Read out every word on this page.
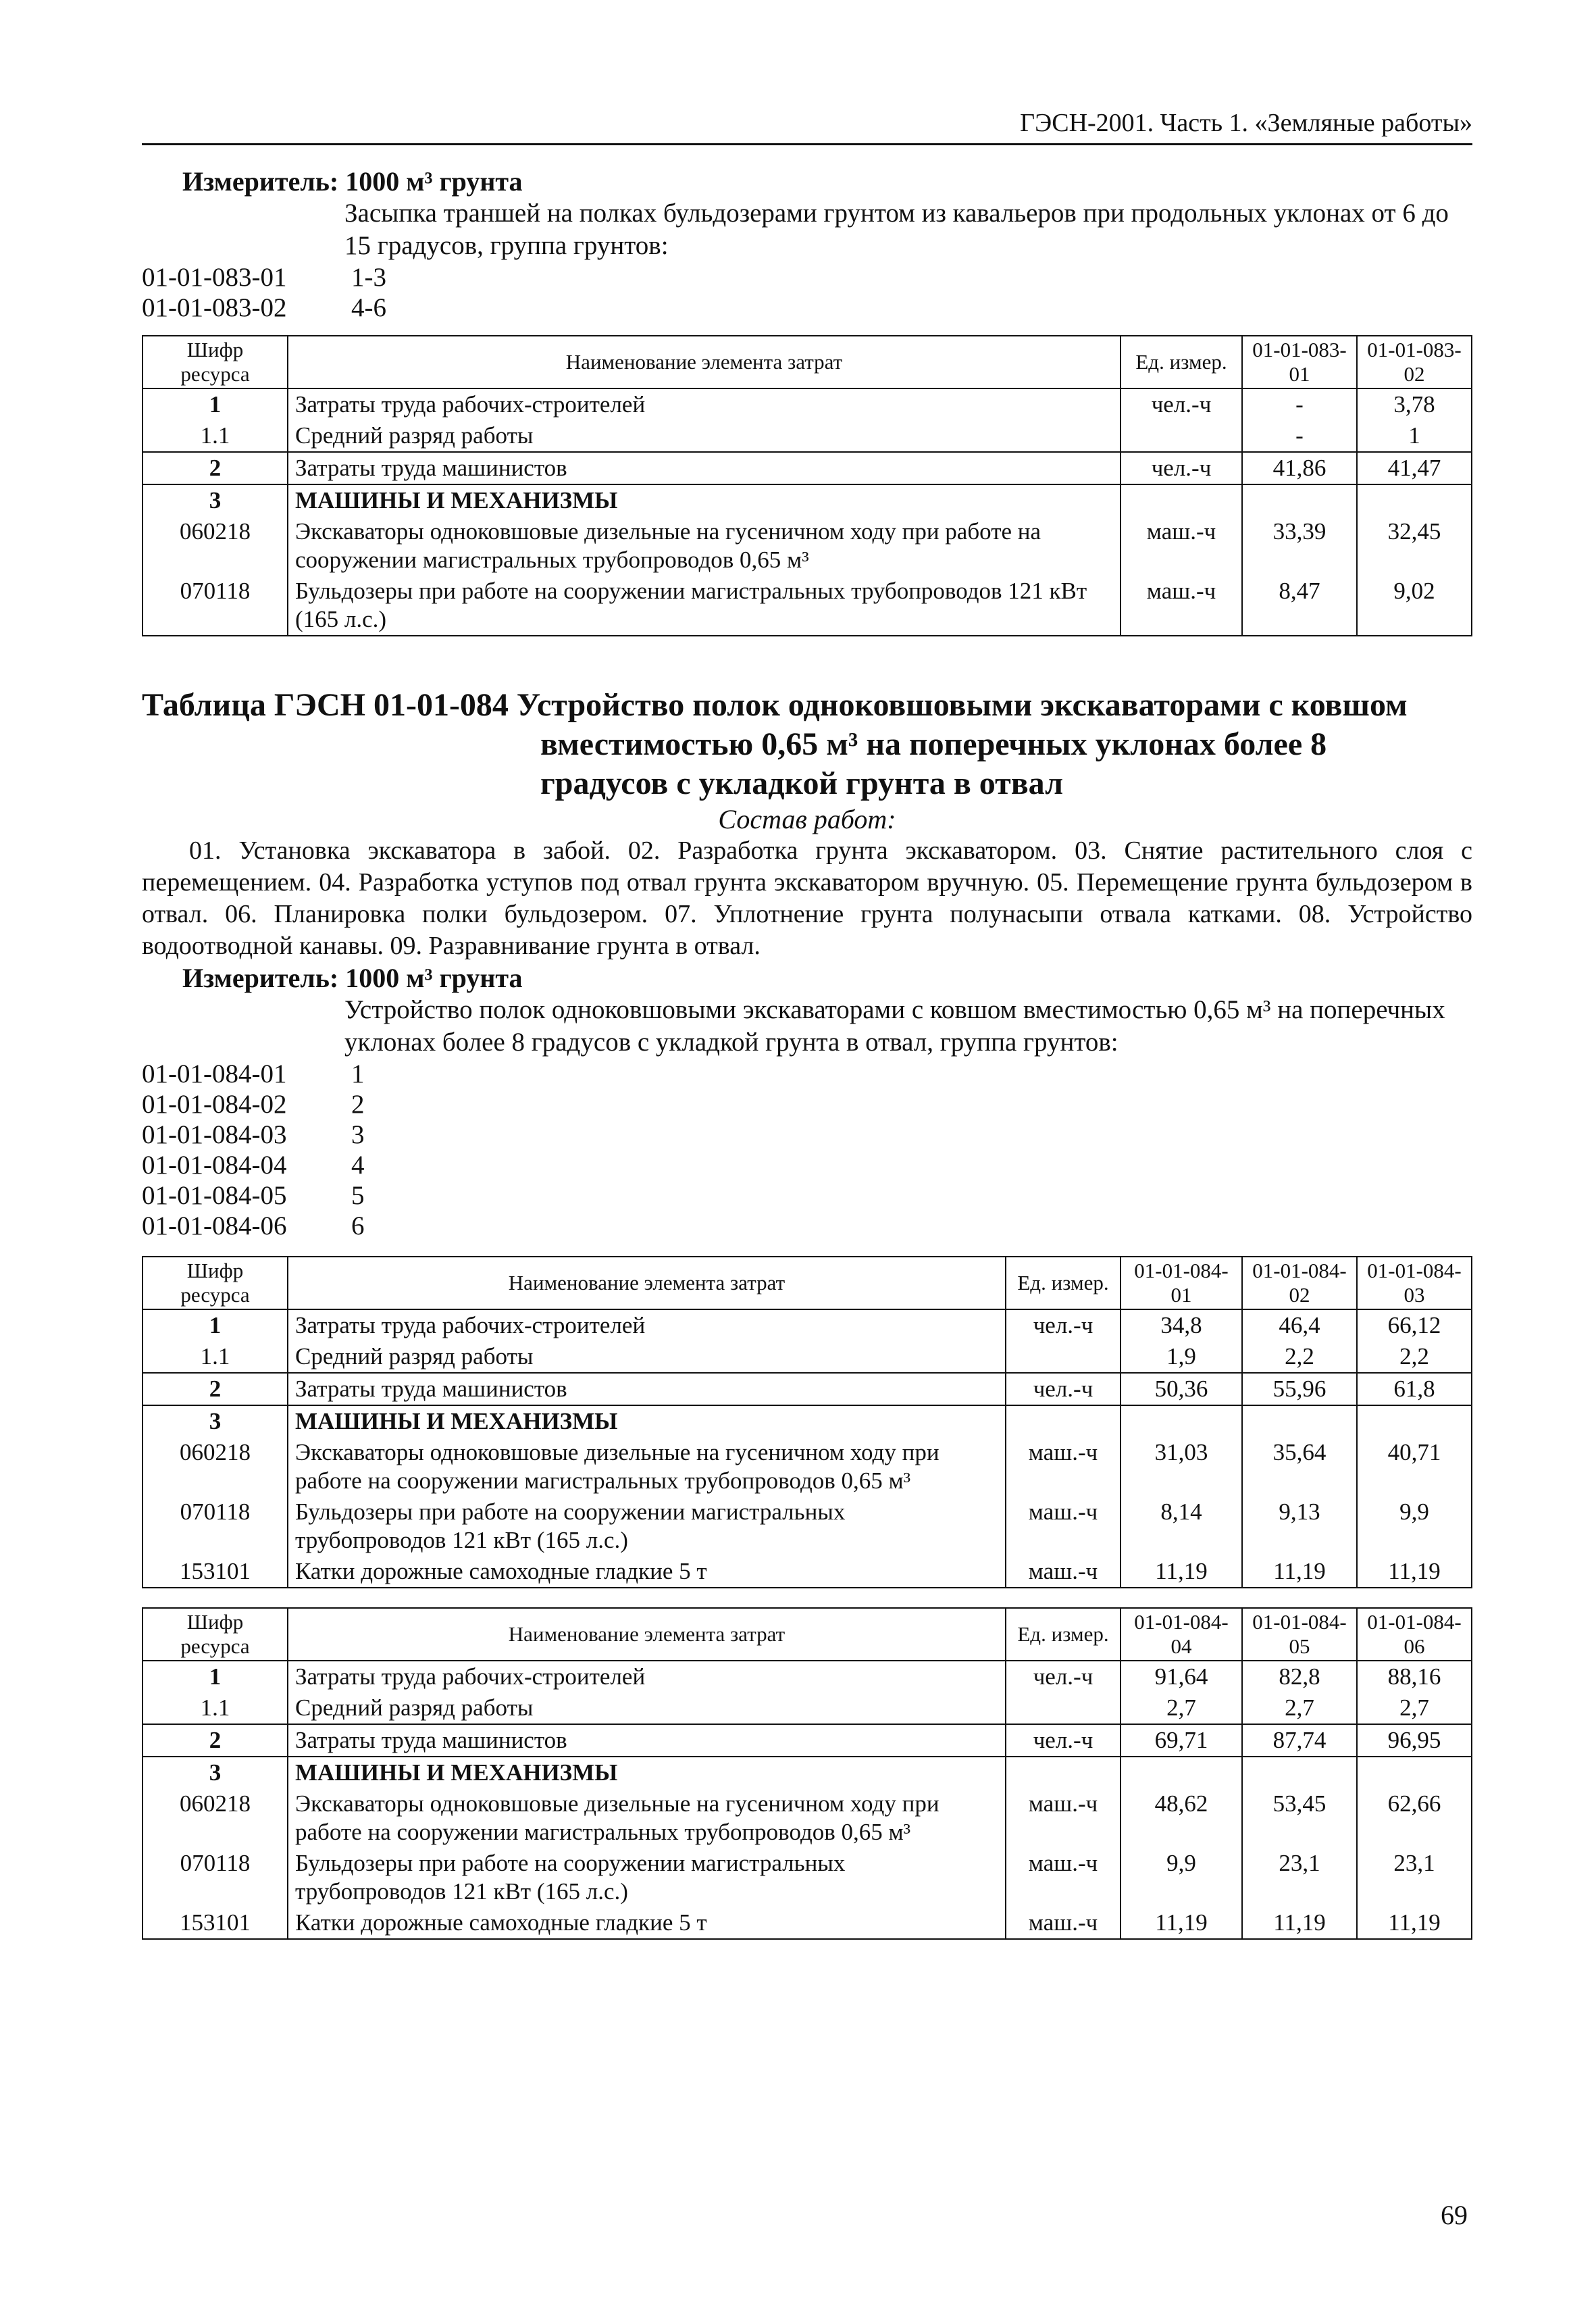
ГЭСН-2001. Часть 1. «Земляные работы»
Измеритель: 1000 м³ грунта
Засыпка траншей на полках бульдозерами грунтом из кавальеров при продольных уклонах от 6 до 15 градусов, группа грунтов:
01-01-083-01	1-3
01-01-083-02	4-6
Шифр ресурса	Наименование элемента затрат	Ед. измер.	01-01-083-01	01-01-083-02
1	Затраты труда рабочих-строителей	чел.-ч	-	3,78
1.1	Средний разряд работы		-	1
2	Затраты труда машинистов	чел.-ч	41,86	41,47
3	МАШИНЫ И МЕХАНИЗМЫ			
060218	Экскаваторы одноковшовые дизельные на гусеничном ходу при работе на сооружении магистральных трубопроводов 0,65 м³	маш.-ч	33,39	32,45
070118	Бульдозеры при работе на сооружении магистральных трубопроводов 121 кВт (165 л.с.)	маш.-ч	8,47	9,02
Таблица ГЭСН 01-01-084 Устройство полок одноковшовыми экскаваторами с ковшом
вместимостью 0,65 м³ на поперечных уклонах более 8
градусов с укладкой грунта в отвал
Состав работ:
01. Установка экскаватора в забой. 02. Разработка грунта экскаватором. 03. Снятие растительного слоя с перемещением. 04. Разработка уступов под отвал грунта экскаватором вручную. 05. Перемещение грунта бульдозером в отвал. 06. Планировка полки бульдозером. 07. Уплотнение грунта полунасыпи отвала катками. 08. Устройство водоотводной канавы. 09. Разравнивание грунта в отвал.
Измеритель: 1000 м³ грунта
Устройство полок одноковшовыми экскаваторами с ковшом вместимостью 0,65 м³ на поперечных уклонах более 8 градусов с укладкой грунта в отвал, группа грунтов:
01-01-084-01	1
01-01-084-02	2
01-01-084-03	3
01-01-084-04	4
01-01-084-05	5
01-01-084-06	6
Шифр ресурса	Наименование элемента затрат	Ед. измер.	01-01-084-01	01-01-084-02	01-01-084-03
1	Затраты труда рабочих-строителей	чел.-ч	34,8	46,4	66,12
1.1	Средний разряд работы		1,9	2,2	2,2
2	Затраты труда машинистов	чел.-ч	50,36	55,96	61,8
3	МАШИНЫ И МЕХАНИЗМЫ				
060218	Экскаваторы одноковшовые дизельные на гусеничном ходу при работе на сооружении магистральных трубопроводов 0,65 м³	маш.-ч	31,03	35,64	40,71
070118	Бульдозеры при работе на сооружении магистральных трубопроводов 121 кВт (165 л.с.)	маш.-ч	8,14	9,13	9,9
153101	Катки дорожные самоходные гладкие 5 т	маш.-ч	11,19	11,19	11,19
Шифр ресурса	Наименование элемента затрат	Ед. измер.	01-01-084-04	01-01-084-05	01-01-084-06
1	Затраты труда рабочих-строителей	чел.-ч	91,64	82,8	88,16
1.1	Средний разряд работы		2,7	2,7	2,7
2	Затраты труда машинистов	чел.-ч	69,71	87,74	96,95
3	МАШИНЫ И МЕХАНИЗМЫ				
060218	Экскаваторы одноковшовые дизельные на гусеничном ходу при работе на сооружении магистральных трубопроводов 0,65 м³	маш.-ч	48,62	53,45	62,66
070118	Бульдозеры при работе на сооружении магистральных трубопроводов 121 кВт (165 л.с.)	маш.-ч	9,9	23,1	23,1
153101	Катки дорожные самоходные гладкие 5 т	маш.-ч	11,19	11,19	11,19
69
